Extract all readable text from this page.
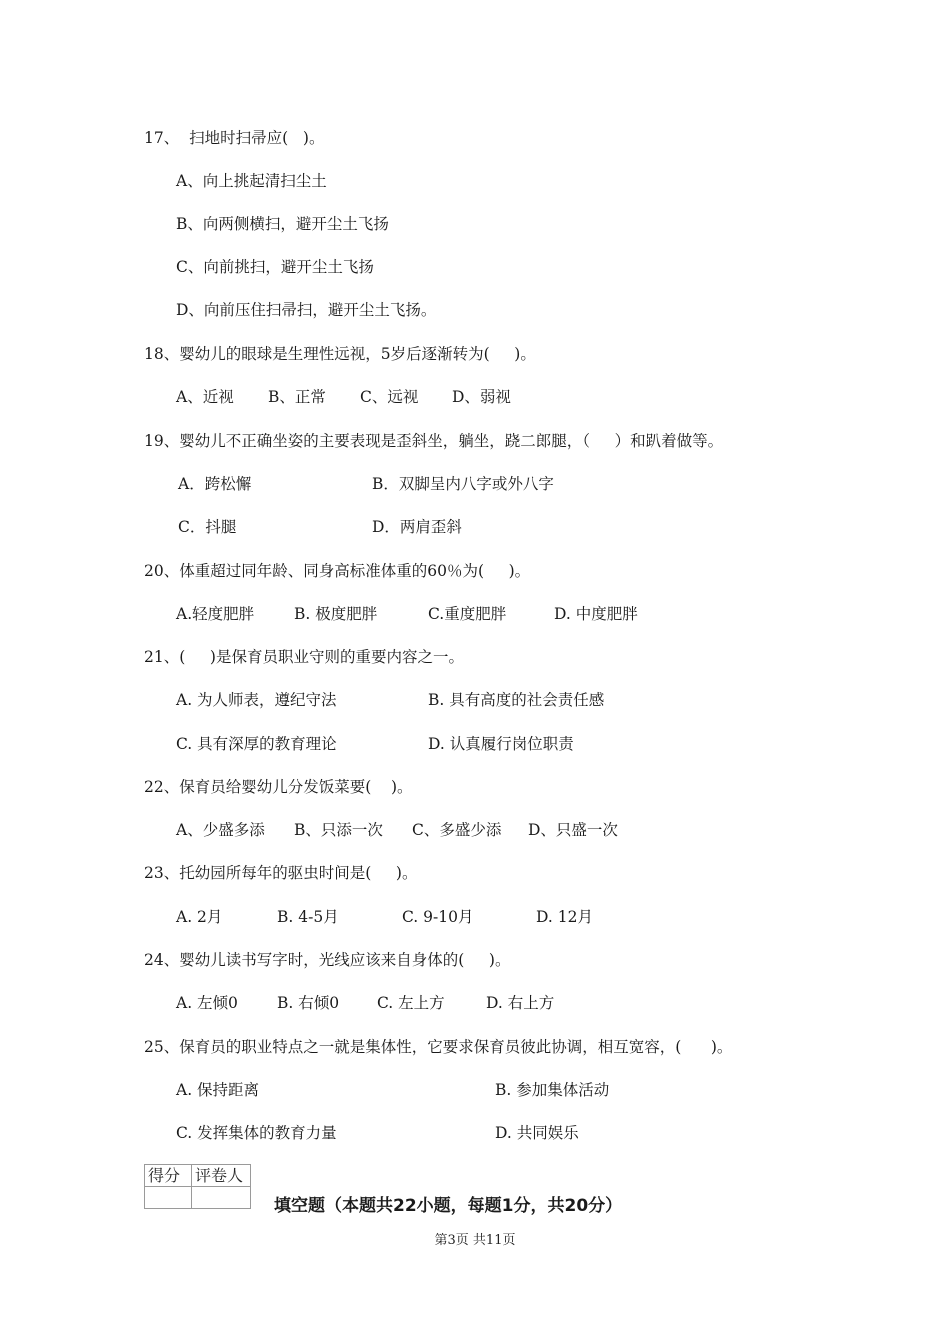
17、  扫地时扫帚应(   )。
A、向上挑起清扫尘土
B、向两侧横扫，避开尘土飞扬
C、向前挑扫，避开尘土飞扬
D、向前压住扫帚扫，避开尘土飞扬。
18、婴幼儿的眼球是生理性远视，5岁后逐渐转为(     )。
A、近视 B、正常 C、远视 D、弱视
19、婴幼儿不正确坐姿的主要表现是歪斜坐，躺坐，跷二郎腿，（     ）和趴着做等。
A．跨松懈	B．双脚呈内八字或外八字
C．抖腿	D．两肩歪斜
20、体重超过同年龄、同身高标准体重的60％为(     )。
A.轻度肥胖	B. 极度肥胖	C.重度肥胖	D. 中度肥胖
21、(     )是保育员职业守则的重要内容之一。
A. 为人师表，遵纪守法	B. 具有高度的社会责任感
C. 具有深厚的教育理论	D. 认真履行岗位职责
22、保育员给婴幼儿分发饭菜要(    )。
A、少盛多添 B、只添一次 C、多盛少添 D、只盛一次
23、托幼园所每年的驱虫时间是(     )。
A. 2月	B. 4-5月	C. 9-10月	D. 12月
24、婴幼儿读书写字时，光线应该来自身体的(     )。
A. 左倾0	B. 右倾0 C. 左上方	D. 右上方
25、保育员的职业特点之一就是集体性，它要求保育员彼此协调，相互宽容，(      )。
A. 保持距离	B. 参加集体活动
C. 发挥集体的教育力量	D. 共同娱乐
得分	评卷人

填空题（本题共22小题，每题1分，共20分）
第3页 共11页
